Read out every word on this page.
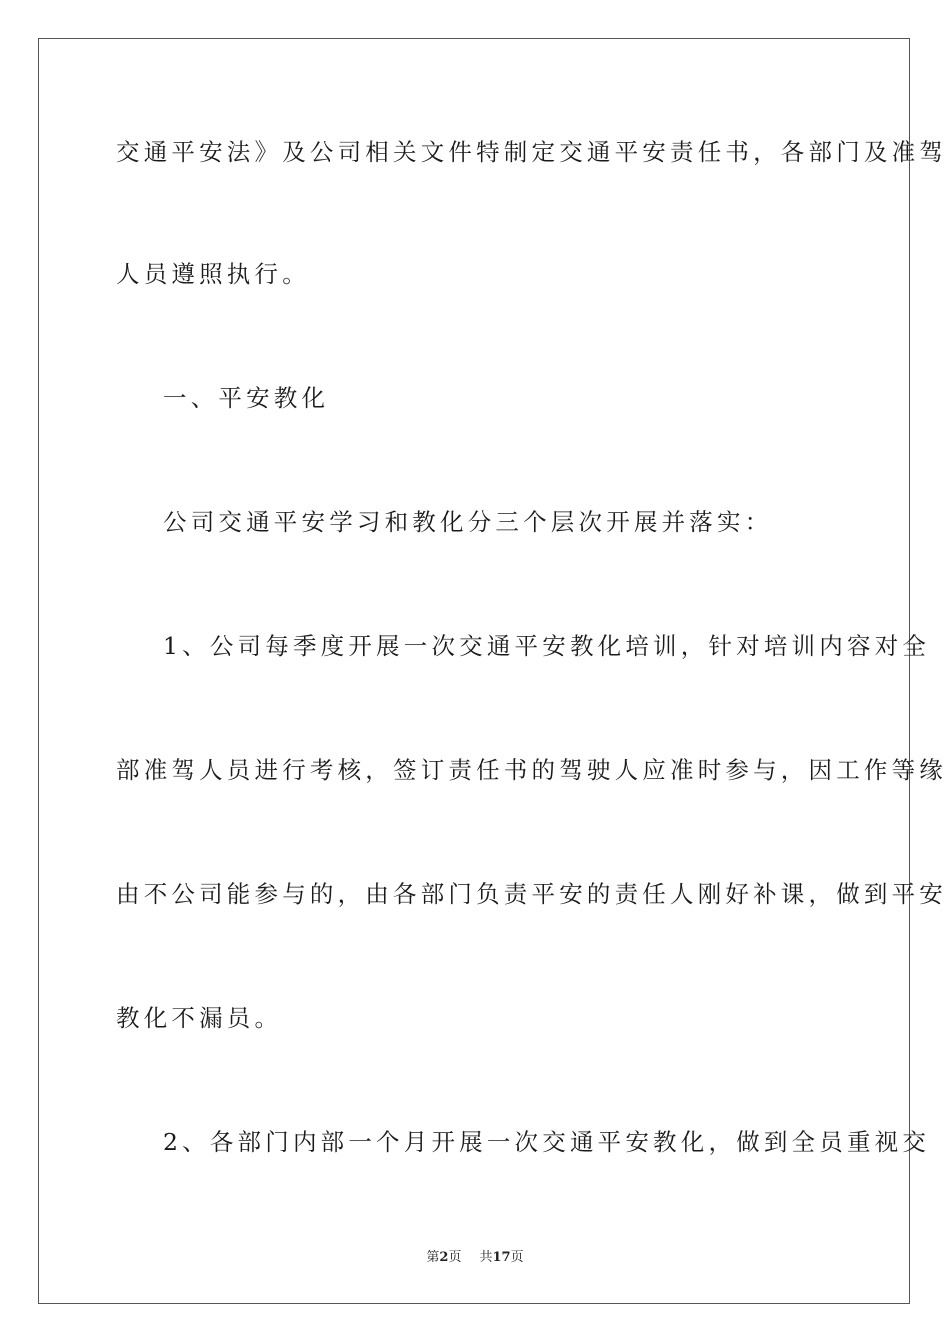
交通平安法》及公司相关文件特制定交通平安责任书，各部门及准驾
人员遵照执行。
一、平安教化
公司交通平安学习和教化分三个层次开展并落实：
1、公司每季度开展一次交通平安教化培训，针对培训内容对全
部准驾人员进行考核，签订责任书的驾驶人应准时参与，因工作等缘
由不公司能参与的，由各部门负责平安的责任人刚好补课，做到平安
教化不漏员。
2、各部门内部一个月开展一次交通平安教化，做到全员重视交
第2页 共17页
